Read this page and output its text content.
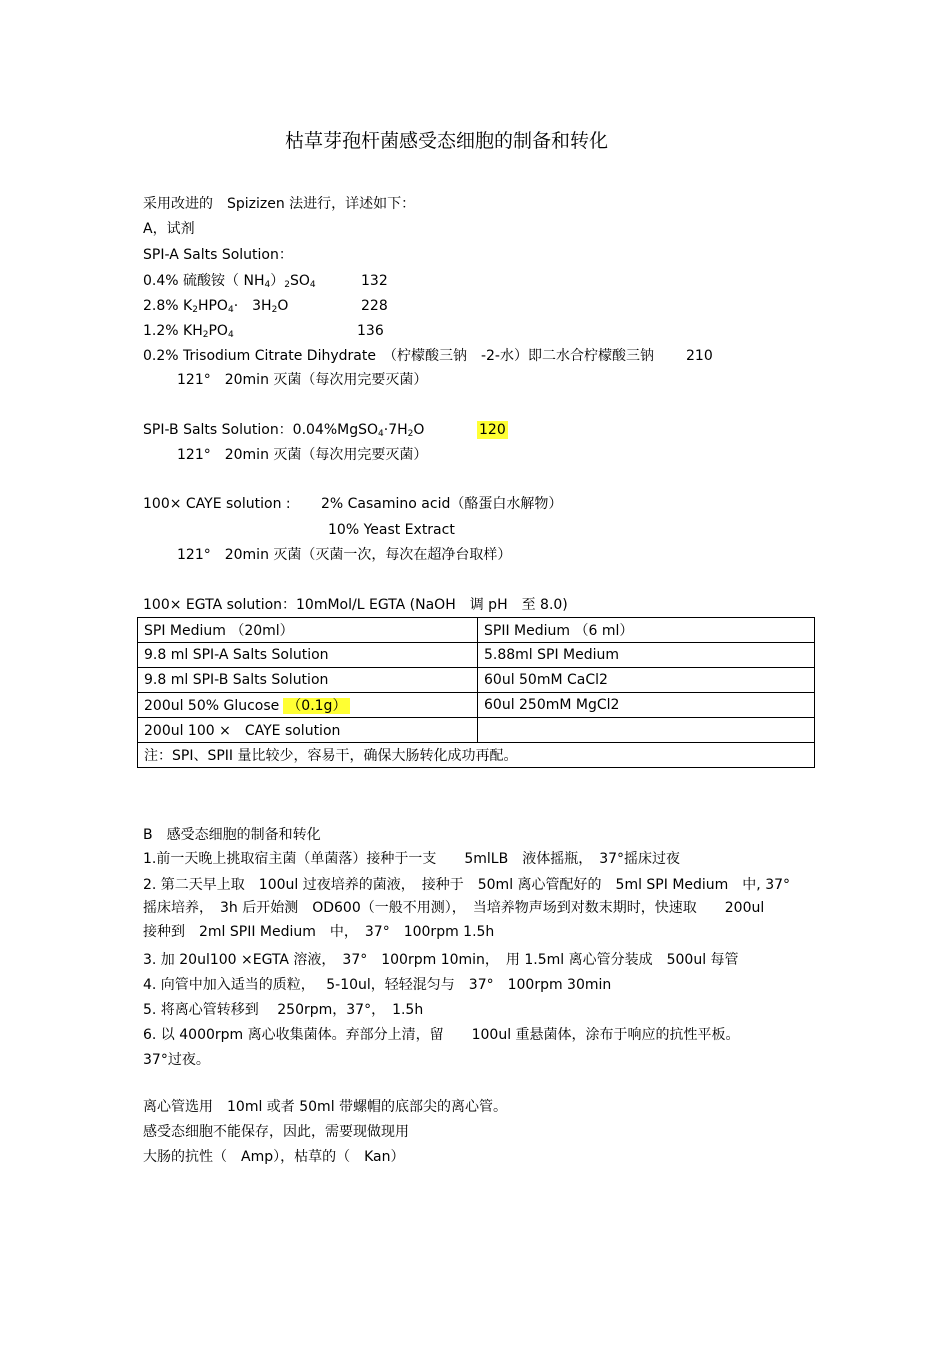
枯草芽孢杆菌感受态细胞的制备和转化
采用改进的　Spizizen 法进行，详述如下：
A，试剂
SPI-A Salts Solution：
0.4% 硫酸铵（ $NH_4)_2SO_4$	132
2.8% $K_2HPO_4\cdot$　$3H_2O$	228
1.2% $KH_2PO_4$	136
0.2% Trisodium Citrate Dihydrate　（柠檬酸三钠　-2-水）即二水合柠檬酸三钠 210
121°　20min 灭菌（每次用完要灭菌）
SPI-B Salts Solution：$0.04\%MgSO_4\cdot 7H_2O$	120
121°　20min 灭菌（每次用完要灭菌）
100× CAYE solution : 2% Casamino acid（酪蛋白水解物）
10% Yeast Extract
121°　20min 灭菌（灭菌一次，每次在超净台取样）
100× EGTA solution：10mMol/L EGTA (NaOH　调 pH　至 8.0)
SPI Medium （20ml）	SPII Medium （6 ml）
9.8 ml SPI-A Salts Solution	5.88ml SPI Medium
9.8 ml SPI-B Salts Solution	60ul 50mM CaCl2
200ul 50% Glucose （0.1g）	60ul 250mM MgCl2
200ul 100 ×　CAYE solution	
注：SPI、SPII 量比较少，容易干，确保大肠转化成功再配。	
B　感受态细胞的制备和转化
1.前一天晚上挑取宿主菌（单菌落）接种于一支　　5mlLB　液体摇瓶，　37°摇床过夜
2. 第二天早上取　100ul 过夜培养的菌液，　接种于　50ml 离心管配好的　5ml SPI Medium　中, 37°
摇床培养，　3h 后开始测　OD600（一般不用测），　当培养物声场到对数末期时，快速取　　200ul
接种到　2ml SPII Medium　中，　37°　100rpm 1.5h
3. 加 20ul100 ×EGTA 溶液，　37°　100rpm 10min，　用 1.5ml 离心管分装成　500ul 每管
4. 向管中加入适当的质粒，　 5-10ul，轻轻混匀与　37°　100rpm 30min
5. 将离心管转移到　 250rpm，37°，　1.5h
6. 以 4000rpm 离心收集菌体。弃部分上清，留　　100ul 重悬菌体，涂布于响应的抗性平板。
37°过夜。
离心管选用　10ml 或者 50ml 带螺帽的底部尖的离心管。
感受态细胞不能保存，因此，需要现做现用
大肠的抗性（　Amp），枯草的（　Kan）
